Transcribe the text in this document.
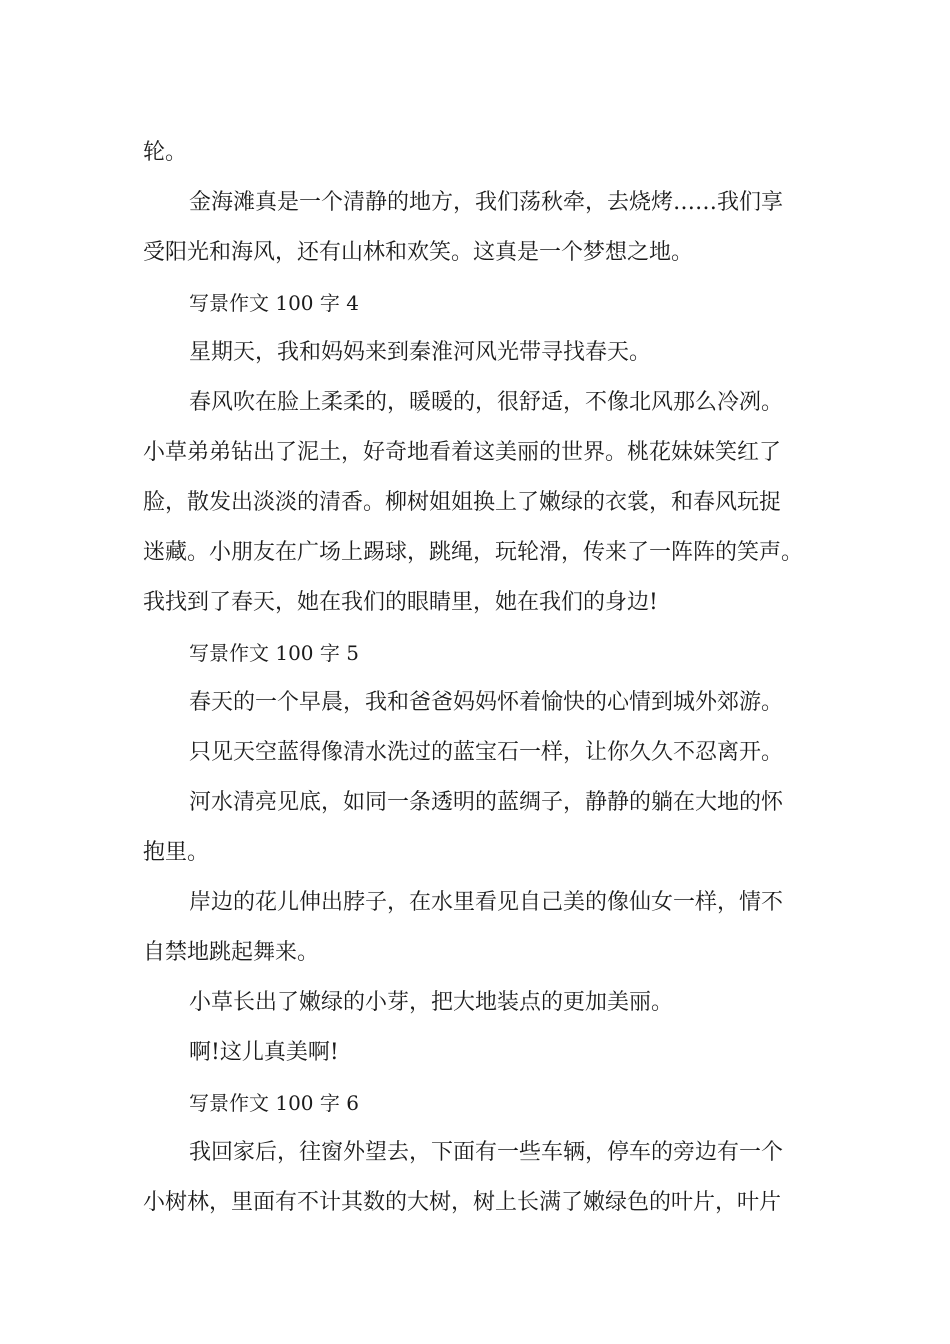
轮。

金海滩真是一个清静的地方，我们荡秋牵，去烧烤……我们享

受阳光和海风，还有山林和欢笑。这真是一个梦想之地。

写景作文 100 字 4

星期天，我和妈妈来到秦淮河风光带寻找春天。

春风吹在脸上柔柔的，暖暖的，很舒适，不像北风那么冷冽。

小草弟弟钻出了泥土，好奇地看着这美丽的世界。桃花妹妹笑红了

脸，散发出淡淡的清香。柳树姐姐换上了嫩绿的衣裳，和春风玩捉

迷藏。小朋友在广场上踢球，跳绳，玩轮滑，传来了一阵阵的笑声。

我找到了春天，她在我们的眼睛里，她在我们的身边!

写景作文 100 字 5

春天的一个早晨，我和爸爸妈妈怀着愉快的心情到城外郊游。

只见天空蓝得像清水洗过的蓝宝石一样，让你久久不忍离开。

河水清亮见底，如同一条透明的蓝绸子，静静的躺在大地的怀

抱里。

岸边的花儿伸出脖子，在水里看见自己美的像仙女一样，情不

自禁地跳起舞来。

小草长出了嫩绿的小芽，把大地装点的更加美丽。

啊!这儿真美啊!

写景作文 100 字 6

我回家后，往窗外望去，下面有一些车辆，停车的旁边有一个

小树林，里面有不计其数的大树，树上长满了嫩绿色的叶片，叶片
